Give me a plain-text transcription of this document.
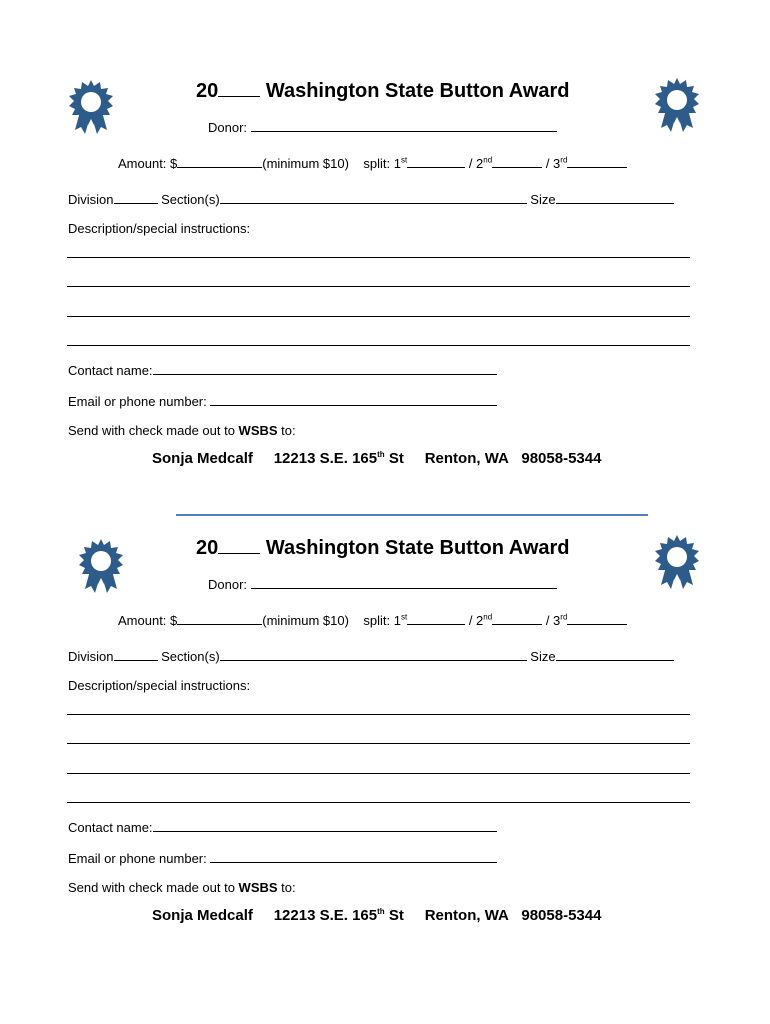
20 Washington State Button Award
Donor:
Amount: $	(minimum $10) split: 1st	/ 2nd	/ 3rd
Division	Section(s)	Size
Description/special instructions:
Contact name:
Email or phone number:
Send with check made out to WSBS to:
Sonja Medcalf 12213 S.E. 165th St Renton, WA 98058-5344
20 Washington State Button Award
Donor:
Amount: $	(minimum $10) split: 1st	/ 2nd	/ 3rd
Division	Section(s)	Size
Description/special instructions:
Contact name:
Email or phone number:
Send with check made out to WSBS to:
Sonja Medcalf 12213 S.E. 165th St Renton, WA 98058-5344
